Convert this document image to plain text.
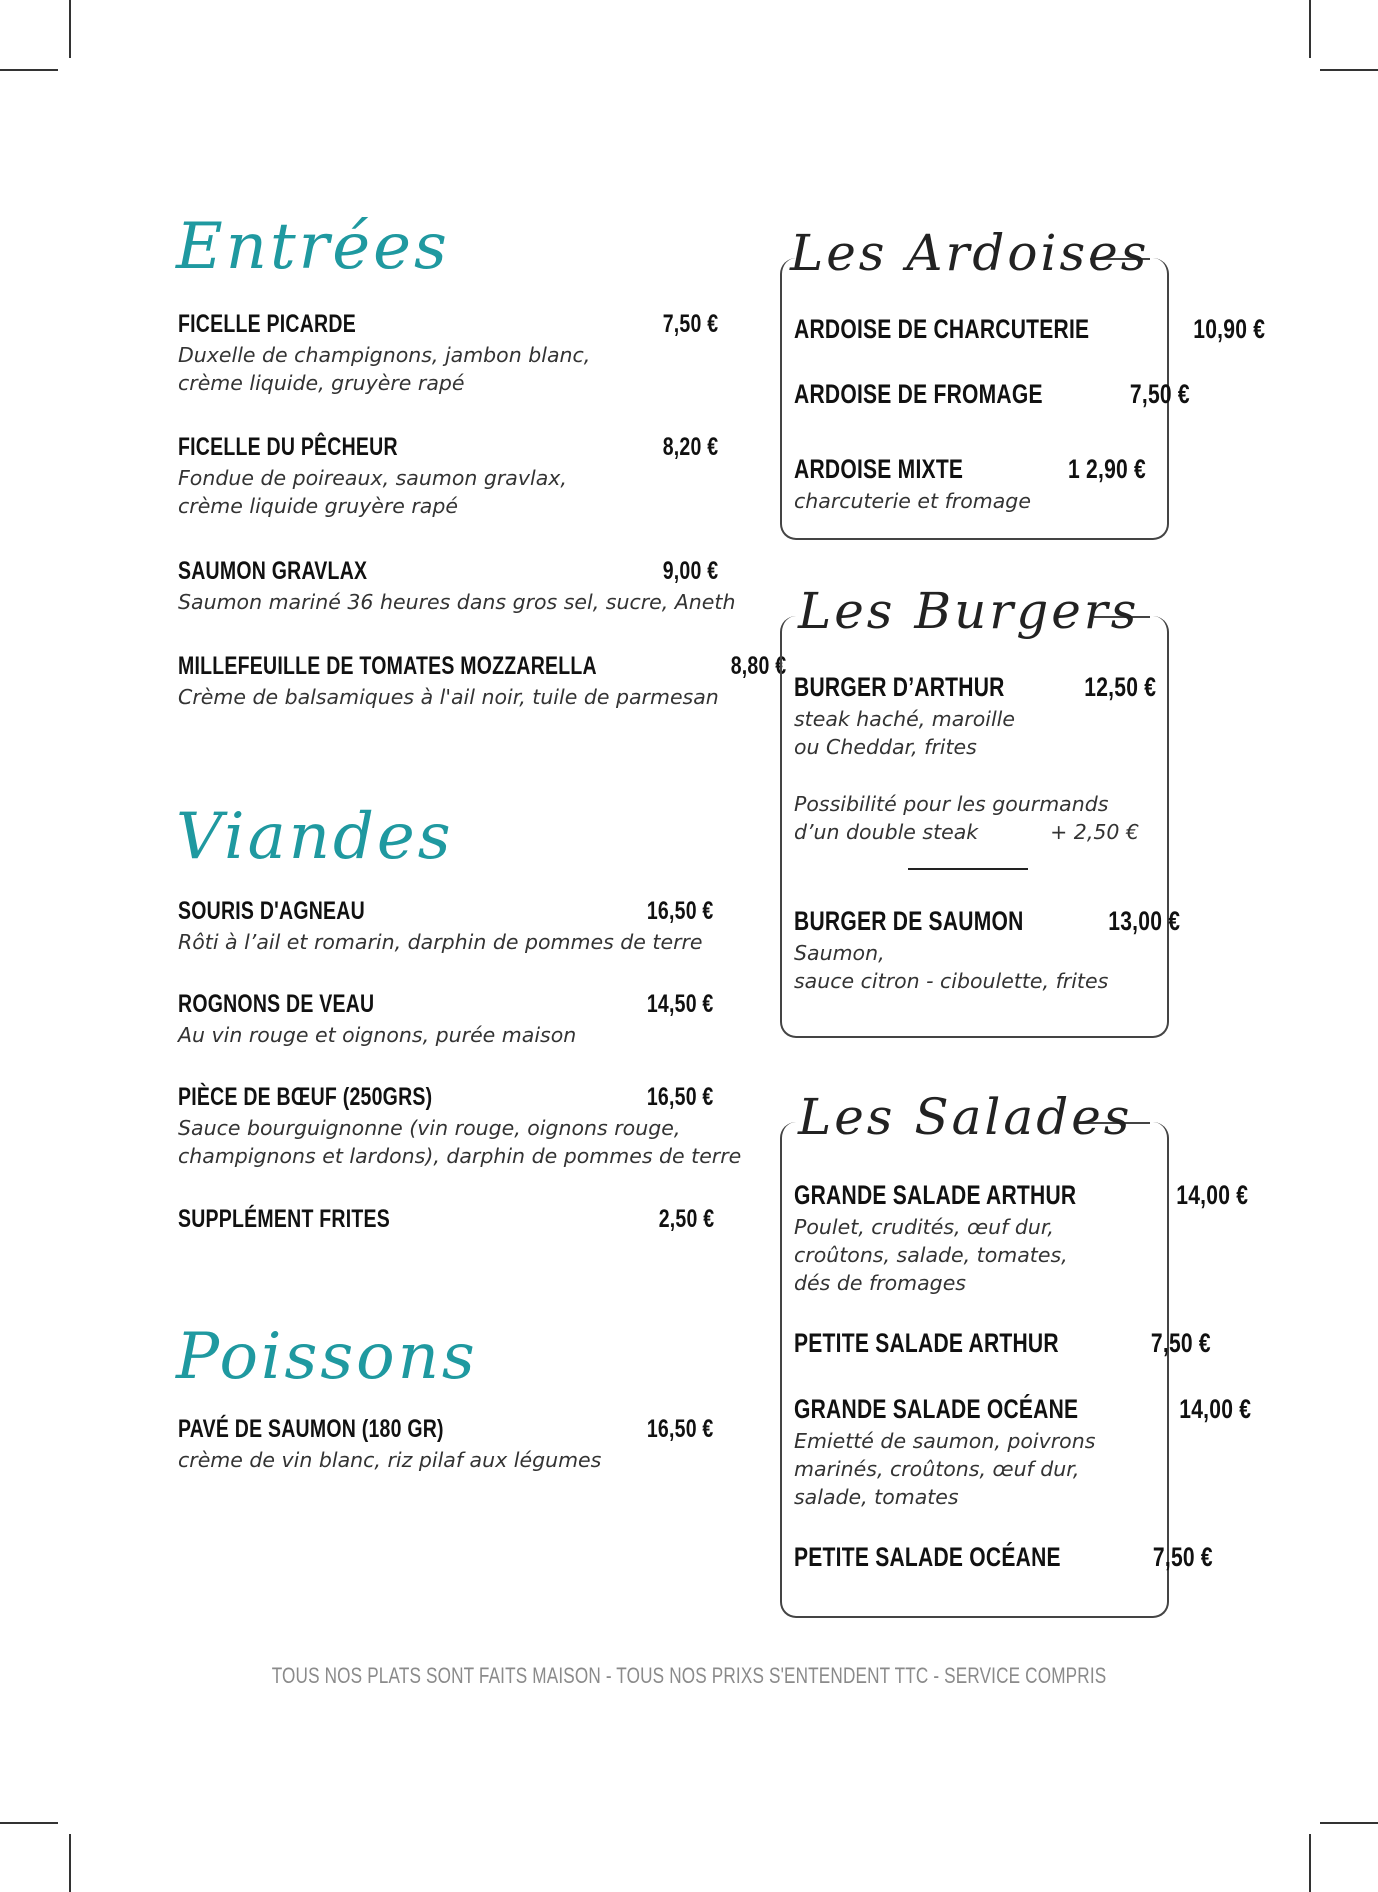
Entrées
FICELLE PICARDE	7,50 €
Duxelle de champignons, jambon blanc,
crème liquide, gruyère rapé
FICELLE DU PÊCHEUR	8,20 €
Fondue de poireaux, saumon gravlax,
crème liquide gruyère rapé
SAUMON GRAVLAX	9,00 €
Saumon mariné 36 heures dans gros sel, sucre, Aneth
MILLEFEUILLE DE TOMATES MOZZARELLA	8,80 €
Crème de balsamiques à l'ail noir, tuile de parmesan
Viandes
SOURIS D'AGNEAU	16,50 €
Rôti à l’ail et romarin, darphin de pommes de terre
ROGNONS DE VEAU	14,50 €
Au vin rouge et oignons, purée maison
PIÈCE DE BŒUF (250GRS)	16,50 €
Sauce bourguignonne (vin rouge, oignons rouge,
champignons et lardons), darphin de pommes de terre
SUPPLÉMENT FRITES	2,50 €
Poissons
PAVÉ DE SAUMON (180 GR)	16,50 €
crème de vin blanc, riz pilaf aux légumes
Les Ardoises
ARDOISE DE CHARCUTERIE	10,90 €
ARDOISE DE FROMAGE	7,50 €
ARDOISE MIXTE	1 2,90 €
charcuterie et fromage
Les Burgers
BURGER D’ARTHUR	12,50 €
steak haché, maroille
ou Cheddar, frites
Possibilité pour les gourmands
d’un double steak	+ 2,50 €
BURGER DE SAUMON	13,00 €
Saumon,
sauce citron - ciboulette, frites
Les Salades
GRANDE SALADE ARTHUR	14,00 €
Poulet, crudités, œuf dur,
croûtons, salade, tomates,
dés de fromages
PETITE SALADE ARTHUR	7,50 €
GRANDE SALADE OCÉANE	14,00 €
Emietté de saumon, poivrons
marinés, croûtons, œuf dur,
salade, tomates
PETITE SALADE OCÉANE	7,50 €
TOUS NOS PLATS SONT FAITS MAISON - TOUS NOS PRIXS S'ENTENDENT TTC - SERVICE COMPRIS
